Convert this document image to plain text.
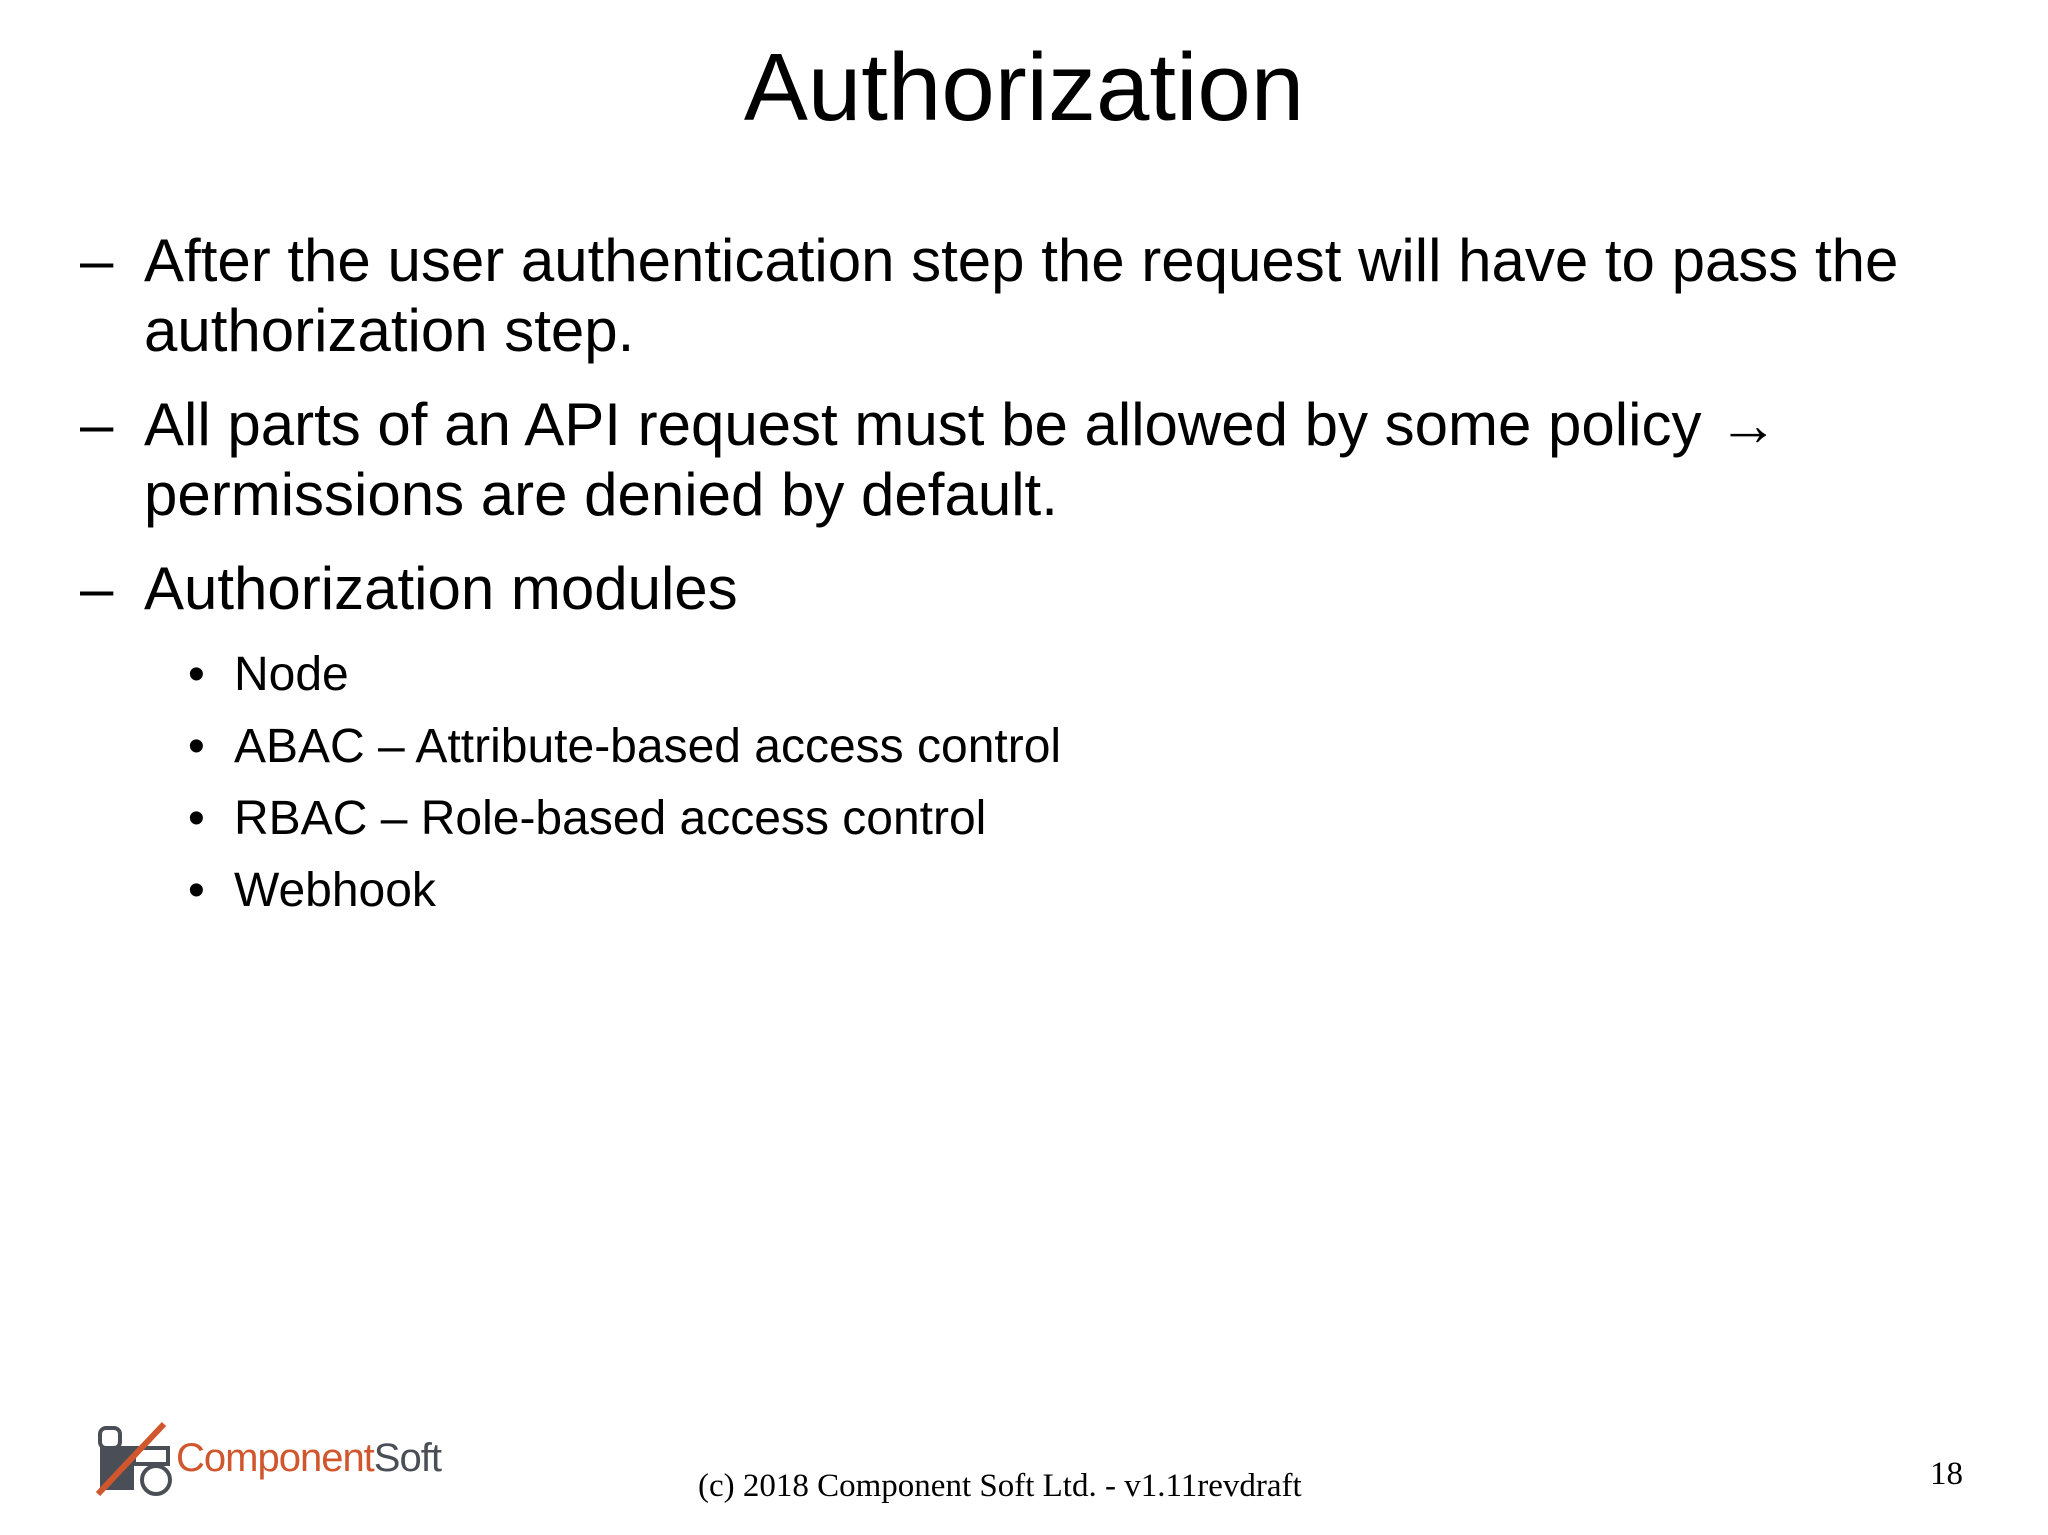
Authorization
– After the user authentication step the request will have to pass the authorization step.
– All parts of an API request must be allowed by some policy → permissions are denied by default.
– Authorization modules
• Node
• ABAC – Attribute-based access control
• RBAC – Role-based access control
• Webhook
ComponentSoft
(c) 2018 Component Soft Ltd. - v1.11revdraft	18
